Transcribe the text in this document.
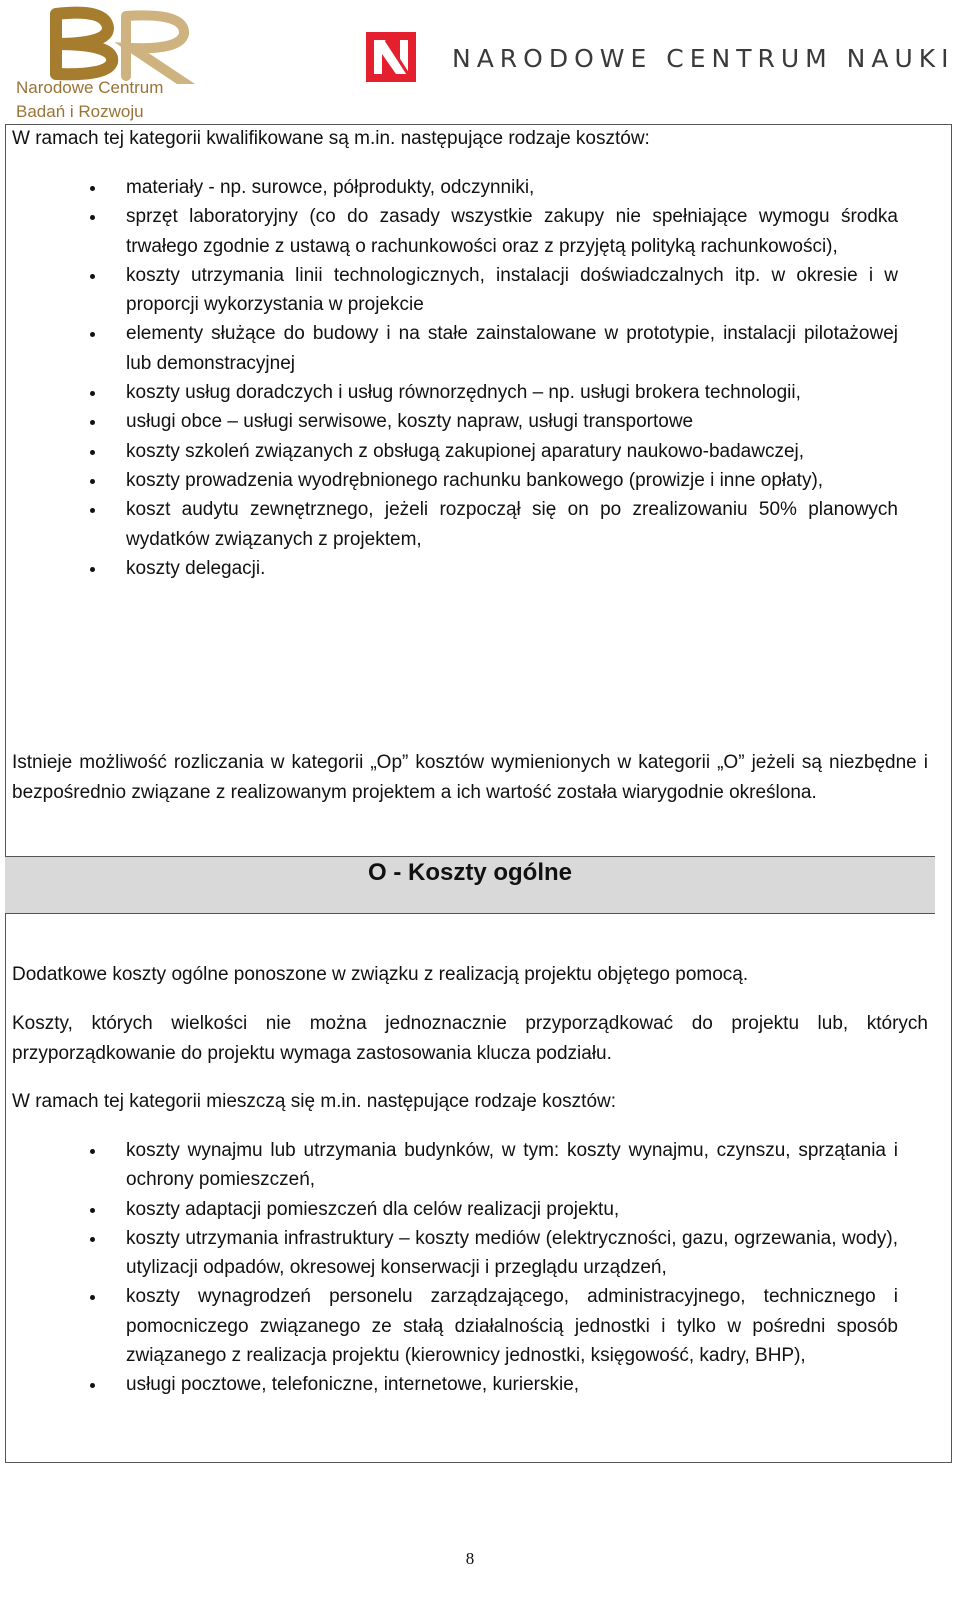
Narodowe Centrum
Badań i Rozwoju
NARODOWE CENTRUM NAUKI
W ramach tej kategorii kwalifikowane są m.in. następujące rodzaje kosztów:
materiały - np. surowce, półprodukty, odczynniki,
sprzęt laboratoryjny (co do zasady wszystkie zakupy nie spełniające wymogu środka trwałego zgodnie z ustawą o rachunkowości oraz z przyjętą polityką rachunkowości),
koszty utrzymania linii technologicznych, instalacji doświadczalnych itp. w okresie i w proporcji wykorzystania w projekcie
elementy służące do budowy i na stałe zainstalowane w prototypie, instalacji pilotażowej lub demonstracyjnej
koszty usług doradczych i usług równorzędnych – np. usługi brokera technologii,
usługi obce – usługi serwisowe, koszty napraw, usługi transportowe
koszty szkoleń związanych z obsługą zakupionej aparatury naukowo-badawczej,
koszty prowadzenia wyodrębnionego rachunku bankowego (prowizje i inne opłaty),
koszt audytu zewnętrznego, jeżeli rozpoczął się on po zrealizowaniu 50% planowych wydatków związanych z projektem,
koszty delegacji.
Istnieje możliwość rozliczania w kategorii „Op” kosztów wymienionych w kategorii „O” jeżeli są niezbędne i bezpośrednio związane z realizowanym projektem a ich wartość została wiarygodnie określona.
O - Koszty ogólne
Dodatkowe koszty ogólne ponoszone w związku z realizacją projektu objętego pomocą.
Koszty, których wielkości nie można jednoznacznie przyporządkować do projektu lub, których przyporządkowanie do projektu wymaga zastosowania klucza podziału.
W ramach tej kategorii mieszczą się m.in. następujące rodzaje kosztów:
koszty wynajmu lub utrzymania budynków, w tym: koszty wynajmu, czynszu, sprzątania i ochrony pomieszczeń,
koszty adaptacji pomieszczeń dla celów realizacji projektu,
koszty utrzymania infrastruktury – koszty mediów (elektryczności, gazu, ogrzewania, wody), utylizacji odpadów, okresowej konserwacji i przeglądu urządzeń,
koszty wynagrodzeń personelu zarządzającego, administracyjnego, technicznego i pomocniczego związanego ze stałą działalnością jednostki i tylko w pośredni sposób związanego z realizacja projektu (kierownicy jednostki, księgowość, kadry, BHP),
usługi pocztowe, telefoniczne, internetowe, kurierskie,
8
